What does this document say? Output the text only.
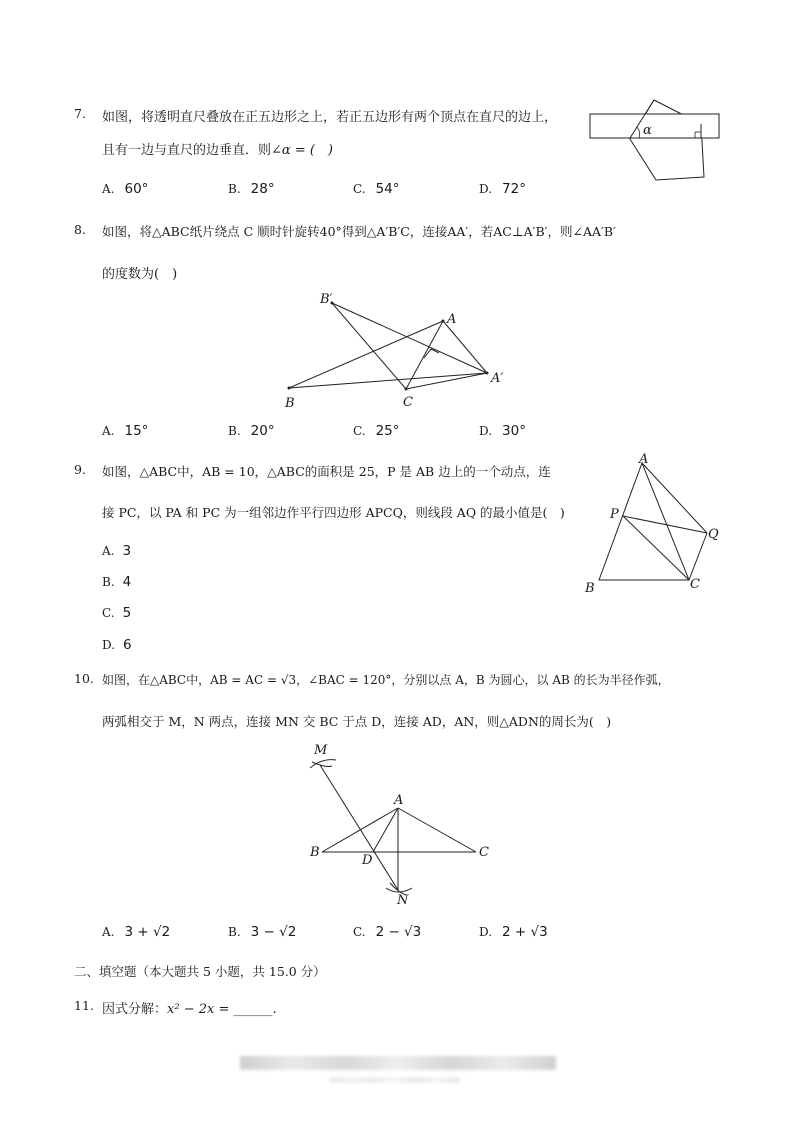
7. 如图，将透明直尺叠放在正五边形之上，若正五边形有两个顶点在直尺的边上，
且有一边与直尺的边垂直．则∠α = (　)
α
A. 60°	B. 28°	C. 54°	D. 72°
8. 如图，将△ABC纸片绕点 C 顺时针旋转40°得到△A′B′C，连接AA′，若AC⊥A′B′，则∠AA′B′
的度数为(　)
B′
A
A′
B	C
A. 15°	B. 20°	C. 25°	D. 30°
9. 如图，△ABC中，AB = 10，△ABC的面积是 25，P 是 AB 边上的一个动点，连
接 PC，以 PA 和 PC 为一组邻边作平行四边形 APCQ，则线段 AQ 的最小值是(　)
A
P
Q
B	C
A. 3
B. 4
C. 5
D. 6
10. 如图，在△ABC中，AB = AC = √3，∠BAC = 120°，分别以点 A，B 为圆心，以 AB 的长为半径作弧，
两弧相交于 M，N 两点，连接 MN 交 BC 于点 D，连接 AD，AN，则△ADN的周长为(　)
M
A
B
D
C
N
A. 3 + √2	B. 3 − √2	C. 2 − √3	D. 2 + √3
二、填空题（本大题共 5 小题，共 15.0 分）
11. 因式分解：x² − 2x = ______.
